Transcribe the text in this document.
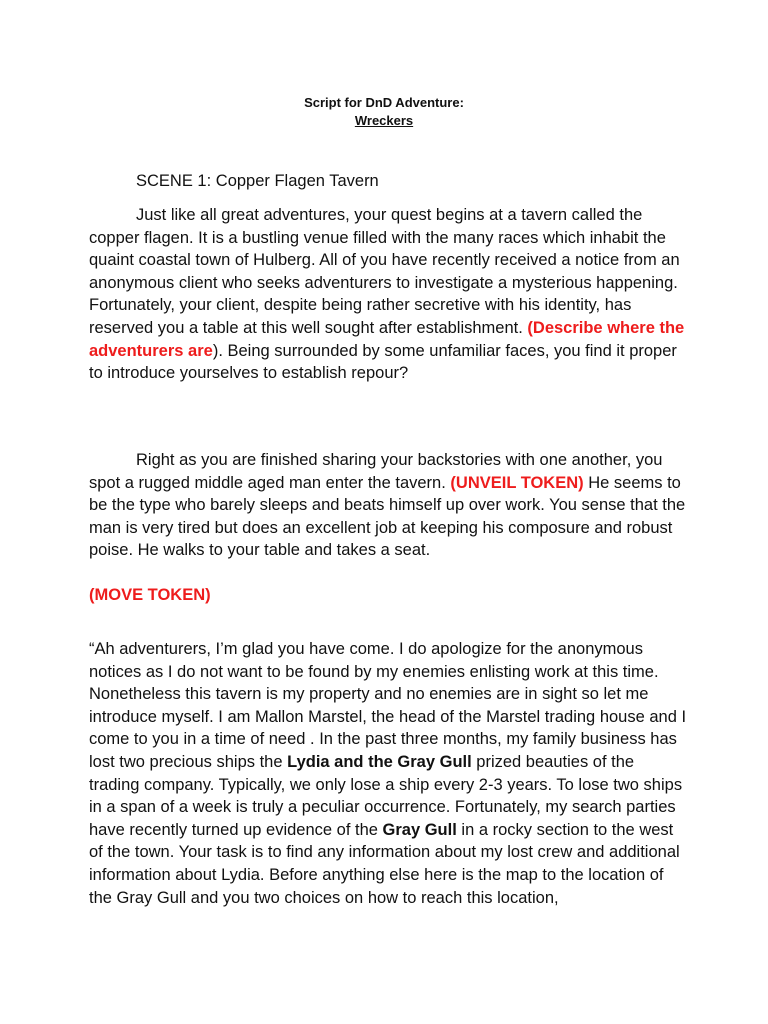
Script for DnD Adventure:
Wreckers

SCENE 1: Copper Flagen Tavern

Just like all great adventures, your quest begins at a tavern called the copper flagen. It is a bustling venue filled with the many races which inhabit the quaint coastal town of Hulberg. All of you have recently received a notice from an anonymous client who seeks adventurers to investigate a mysterious happening. Fortunately, your client, despite being rather secretive with his identity, has reserved you a table at this well sought after establishment. (Describe where the adventurers are). Being surrounded by some unfamiliar faces, you find it proper to introduce yourselves to establish repour?

Right as you are finished sharing your backstories with one another, you spot a rugged middle aged man enter the tavern. (UNVEIL TOKEN) He seems to be the type who barely sleeps and beats himself up over work. You sense that the man is very tired but does an excellent job at keeping his composure and robust poise. He walks to your table and takes a seat.

(MOVE TOKEN)

“Ah adventurers, I’m glad you have come. I do apologize for the anonymous notices as I do not want to be found by my enemies enlisting work at this time. Nonetheless this tavern is my property and no enemies are in sight so let me introduce myself. I am Mallon Marstel, the head of the Marstel trading house and I come to you in a time of need . In the past three months, my family business has lost two precious ships the Lydia and the Gray Gull prized beauties of the trading company. Typically, we only lose a ship every 2-3 years. To lose two ships in a span of a week is truly a peculiar occurrence. Fortunately, my search parties have recently turned up evidence of the Gray Gull in a rocky section to the west of the town. Your task is to find any information about my lost crew and additional information about Lydia. Before anything else here is the map to the location of the Gray Gull and you two choices on how to reach this location,
